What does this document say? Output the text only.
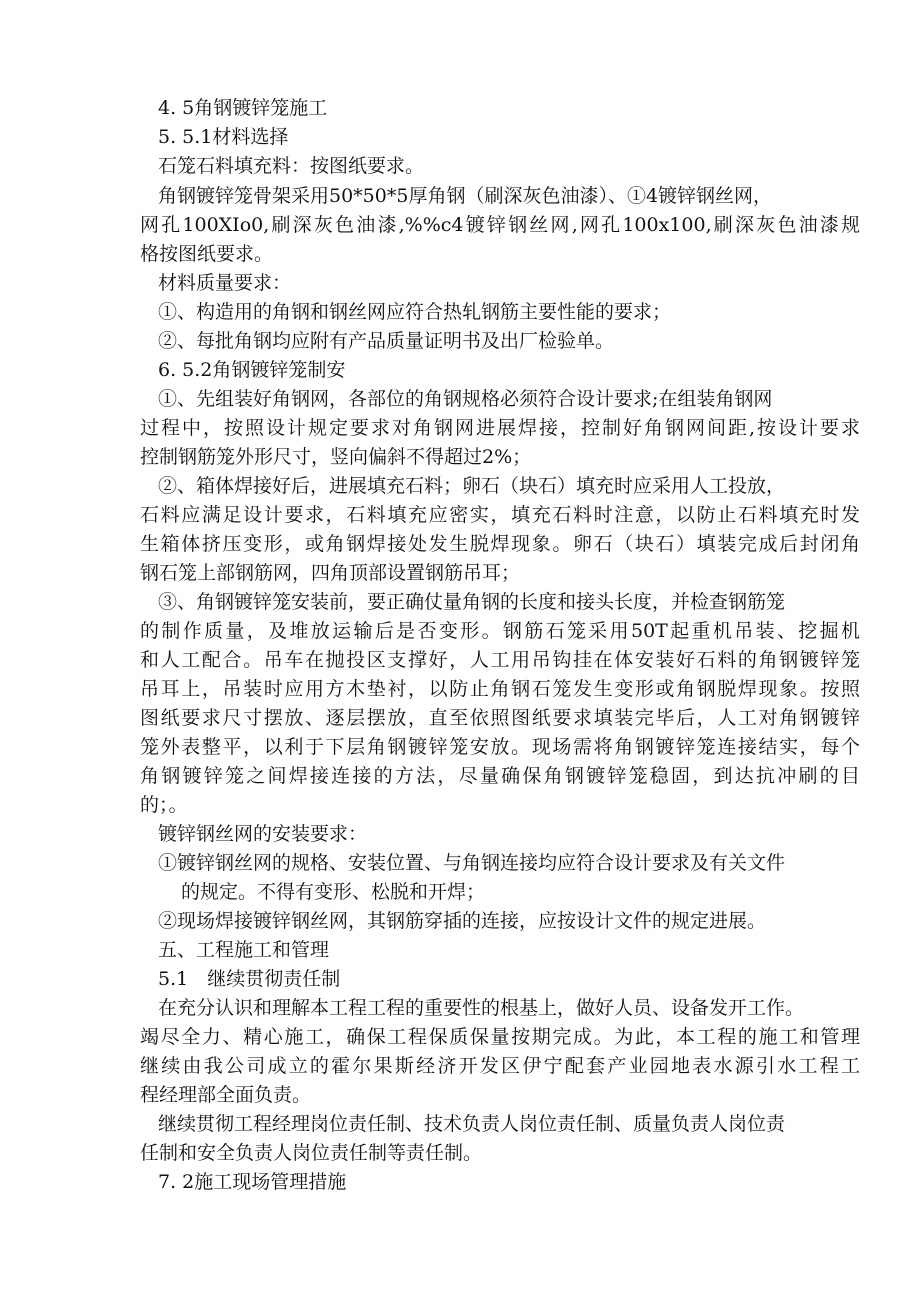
4. 5角钢镀锌笼施工
5. 5.1材料选择
石笼石料填充料：按图纸要求。
角钢镀锌笼骨架采用50*50*5厚角钢（刷深灰色油漆）、①4镀锌钢丝网，
网孔100XIo0,刷深灰色油漆,%%c4镀锌钢丝网,网孔100x100,刷深灰色油漆规
格按图纸要求。
材料质量要求：
①、构造用的角钢和钢丝网应符合热轧钢筋主要性能的要求；
②、每批角钢均应附有产品质量证明书及出厂检验单。
6. 5.2角钢镀锌笼制安
①、先组装好角钢网，各部位的角钢规格必须符合设计要求;在组装角钢网
过程中，按照设计规定要求对角钢网进展焊接，控制好角钢网间距,按设计要求
控制钢筋笼外形尺寸，竖向偏斜不得超过2%；
②、箱体焊接好后，进展填充石料；卵石（块石）填充时应采用人工投放，
石料应满足设计要求，石料填充应密实，填充石料时注意，以防止石料填充时发
生箱体挤压变形，或角钢焊接处发生脱焊现象。卵石（块石）填装完成后封闭角
钢石笼上部钢筋网，四角顶部设置钢筋吊耳；
③、角钢镀锌笼安装前，要正确仗量角钢的长度和接头长度，并检查钢筋笼
的制作质量，及堆放运输后是否变形。钢筋石笼采用50T起重机吊装、挖掘机
和人工配合。吊车在抛投区支撑好，人工用吊钩挂在体安装好石料的角钢镀锌笼
吊耳上，吊装时应用方木垫衬，以防止角钢石笼发生变形或角钢脱焊现象。按照
图纸要求尺寸摆放、逐层摆放，直至依照图纸要求填装完毕后，人工对角钢镀锌
笼外表整平，以利于下层角钢镀锌笼安放。现场需将角钢镀锌笼连接结实，每个
角钢镀锌笼之间焊接连接的方法，尽量确保角钢镀锌笼稳固，到达抗冲刷的目
的；。
镀锌钢丝网的安装要求：
①镀锌钢丝网的规格、安装位置、与角钢连接均应符合设计要求及有关文件
的规定。不得有变形、松脱和开焊；
②现场焊接镀锌钢丝网，其钢筋穿插的连接，应按设计文件的规定进展。
五、工程施工和管理
5.1　继续贯彻责任制
在充分认识和理解本工程工程的重要性的根基上，做好人员、设备发开工作。
竭尽全力、精心施工，确保工程保质保量按期完成。为此，本工程的施工和管理
继续由我公司成立的霍尔果斯经济开发区伊宁配套产业园地表水源引水工程工
程经理部全面负责。
继续贯彻工程经理岗位责任制、技术负责人岗位责任制、质量负责人岗位责
任制和安全负责人岗位责任制等责任制。
7. 2施工现场管理措施
